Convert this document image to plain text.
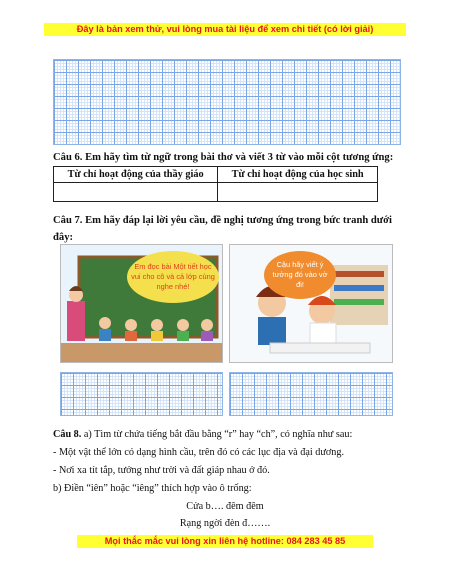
Đây là bản xem thử, vui lòng mua tài liệu để xem chi tiết (có lời giải)
Câu 6. Em hãy tìm từ ngữ trong bài thơ và viết 3 từ vào mỗi cột tương ứng:
Từ chỉ hoạt động của thầy giáo	Từ chỉ hoạt động của học sinh

Câu 7. Em hãy đáp lại lời yêu cầu, đề nghị tương ứng trong bức tranh dưới đây:
Em đọc bài Một tiết học vui cho cô và cả lớp cùng nghe nhé!
Cậu hãy viết ý tưởng đó vào vở đi!
Câu 8. a) Tìm từ chứa tiếng bắt đầu bằng “r” hay “ch”, có nghĩa như sau:
- Một vật thể lớn có dạng hình cầu, trên đó có các lục địa và đại dương.
- Nơi xa tít tắp, tưởng như trời và đất giáp nhau ở đó.
b) Điền “iên” hoặc “iêng” thích hợp vào ô trống:
Cửa b…. đêm đêm
Rạng ngời đèn đ…….
Mọi thắc mắc vui lòng xin liên hệ hotline: 084 283 45 85
